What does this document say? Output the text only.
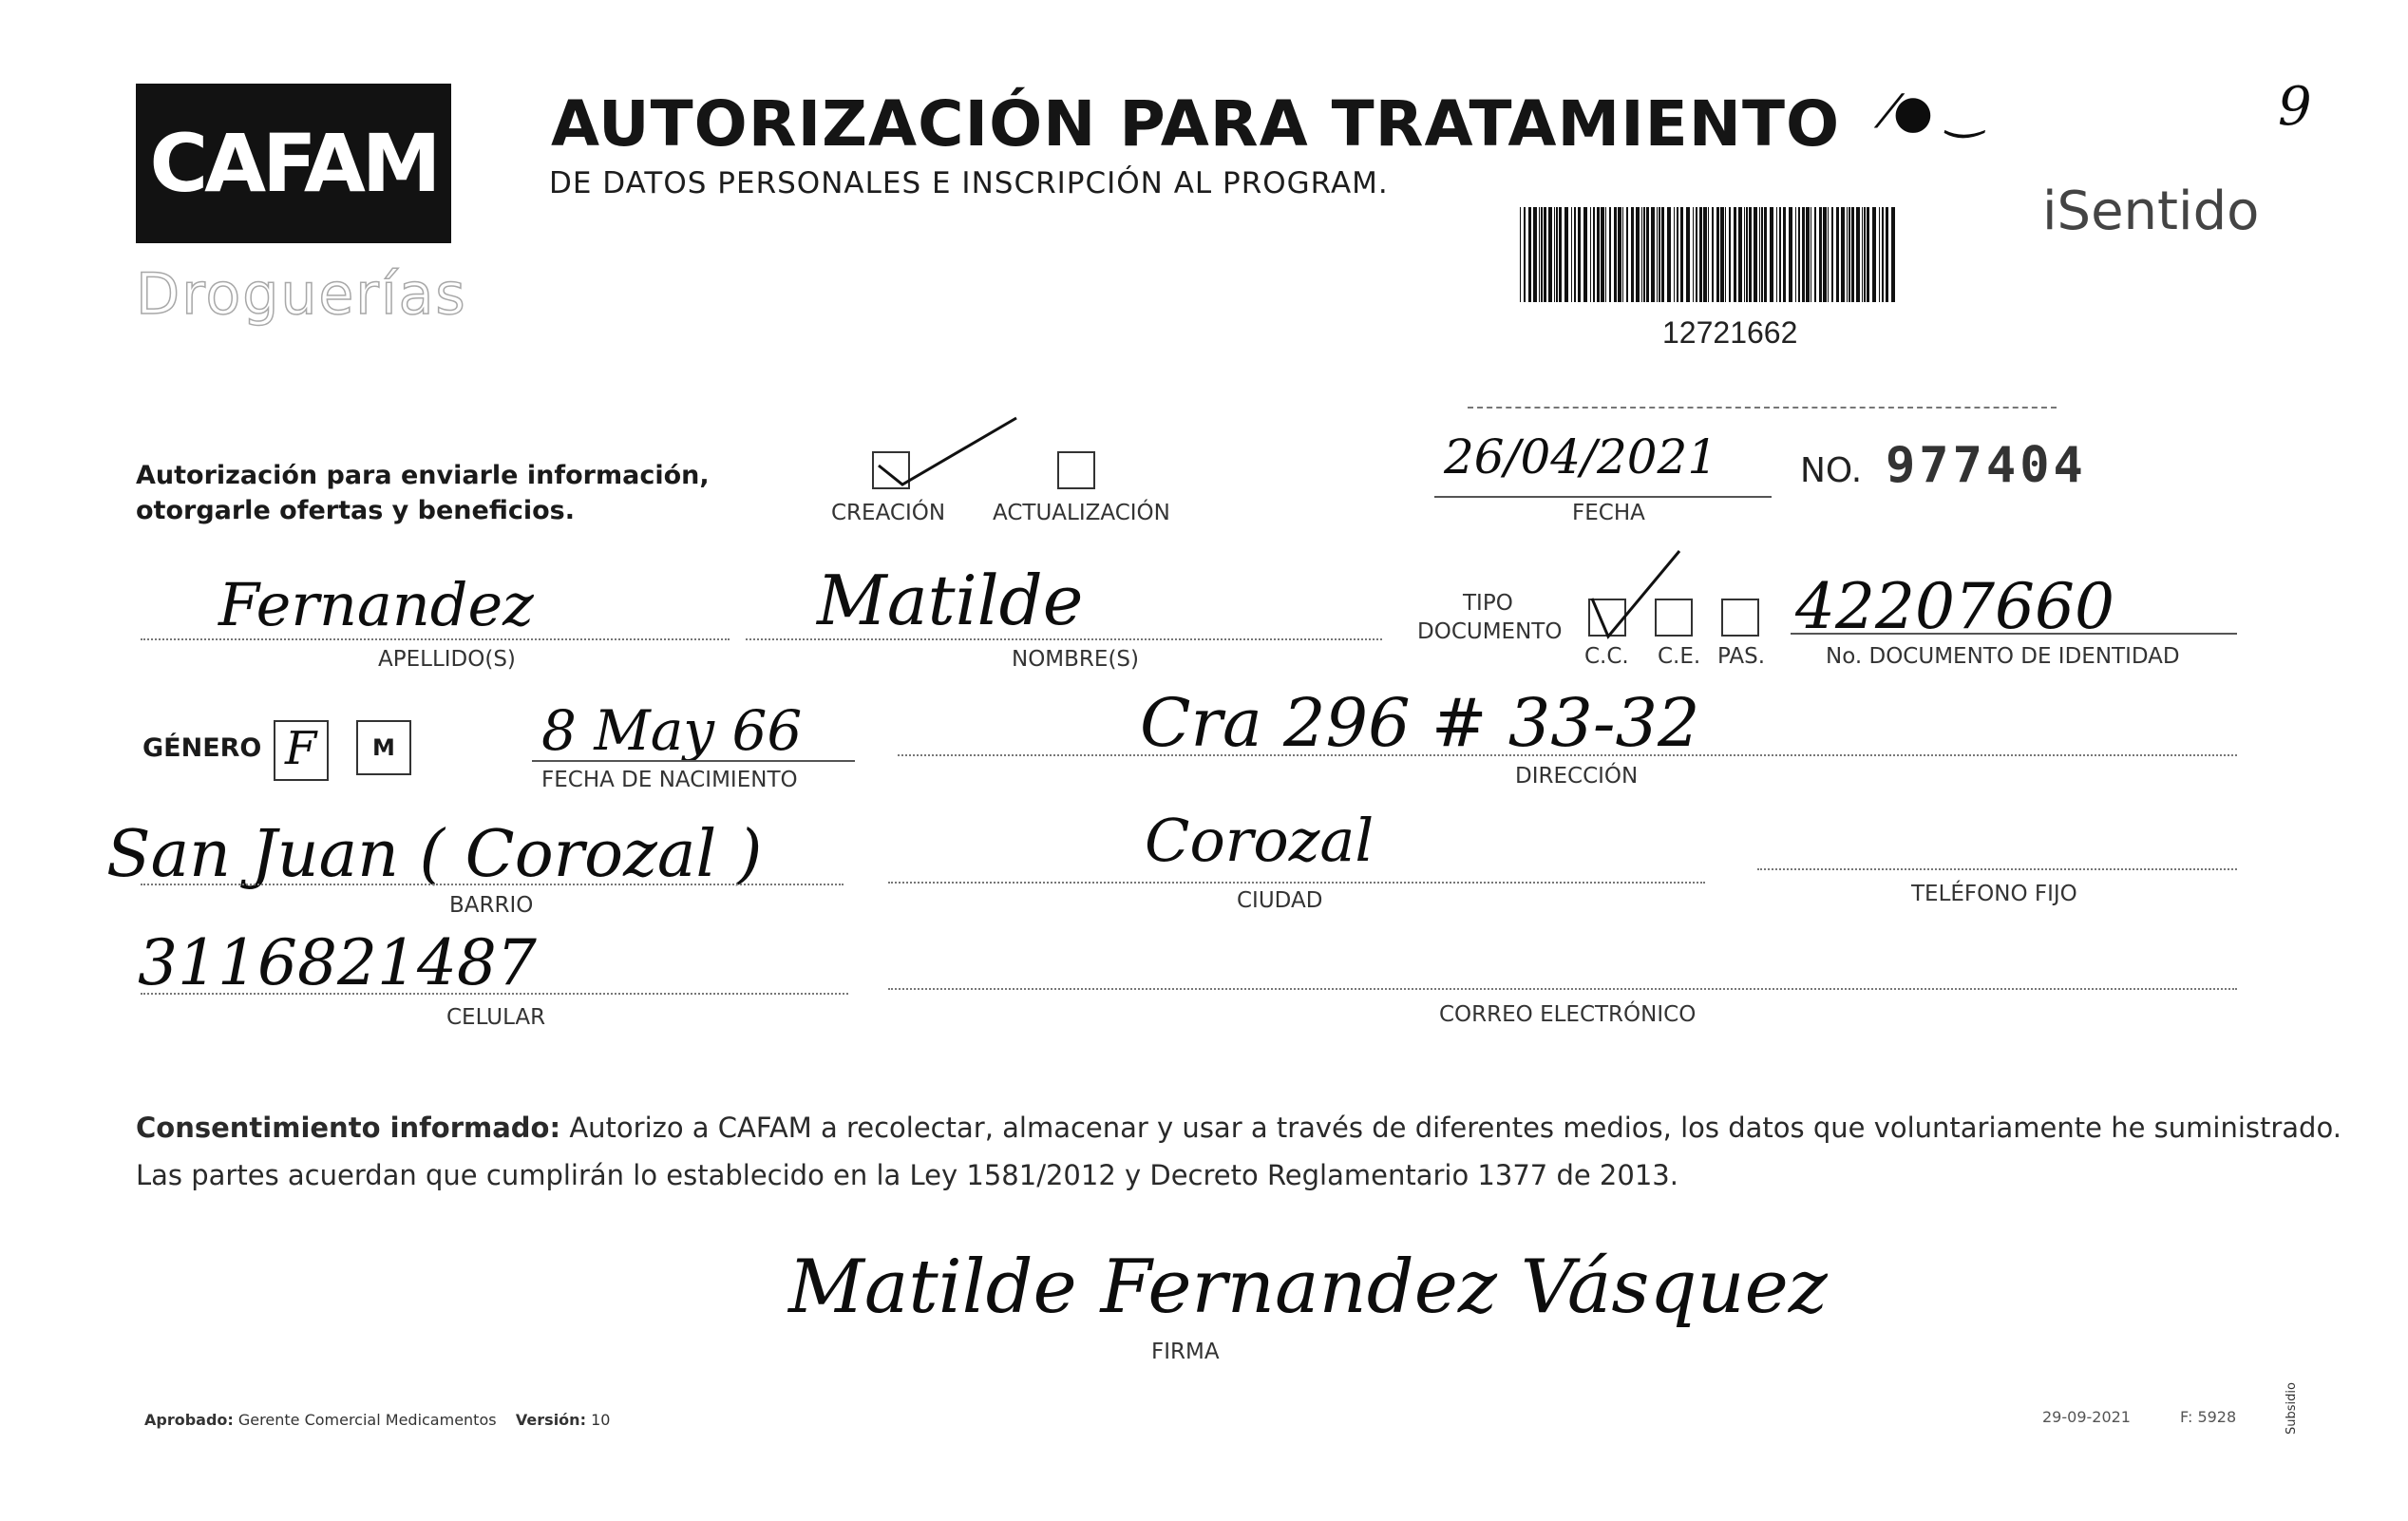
CAFAM
Droguerías
AUTORIZACIÓN PARA TRATAMIENTO
DE DATOS PERSONALES E INSCRIPCIÓN AL PROGRAM.
⁄● ‿	9
iSentido
12721662
Autorización para enviarle información,
otorgarle ofertas y beneficios.	CREACIÓN ACTUALIZACIÓN
26/04/2021
FECHA
NO. 977404
Fernandez
APELLIDO(S)
Matilde
NOMBRE(S)
TIPO
DOCUMENTO
C.C. C.E. PAS.
42207660
No. DOCUMENTO DE IDENTIDAD
GÉNERO F	M	8 May 66
FECHA DE NACIMIENTO
Cra 296 # 33-32
DIRECCIÓN
San Juan ( Corozal )
BARRIO
Corozal
CIUDAD	TELÉFONO FIJO
3116821487
CELULAR	CORREO ELECTRÓNICO
Consentimiento informado: Autorizo a CAFAM a recolectar, almacenar y usar a través de diferentes medios, los datos que voluntariamente he suministrado.
Las partes acuerdan que cumplirán lo establecido en la Ley 1581/2012 y Decreto Reglamentario 1377 de 2013.
Matilde Fernandez Vásquez
FIRMA
Aprobado: Gerente Comercial Medicamentos Versión: 10	29-09-2021	F: 5928	Subsidio
